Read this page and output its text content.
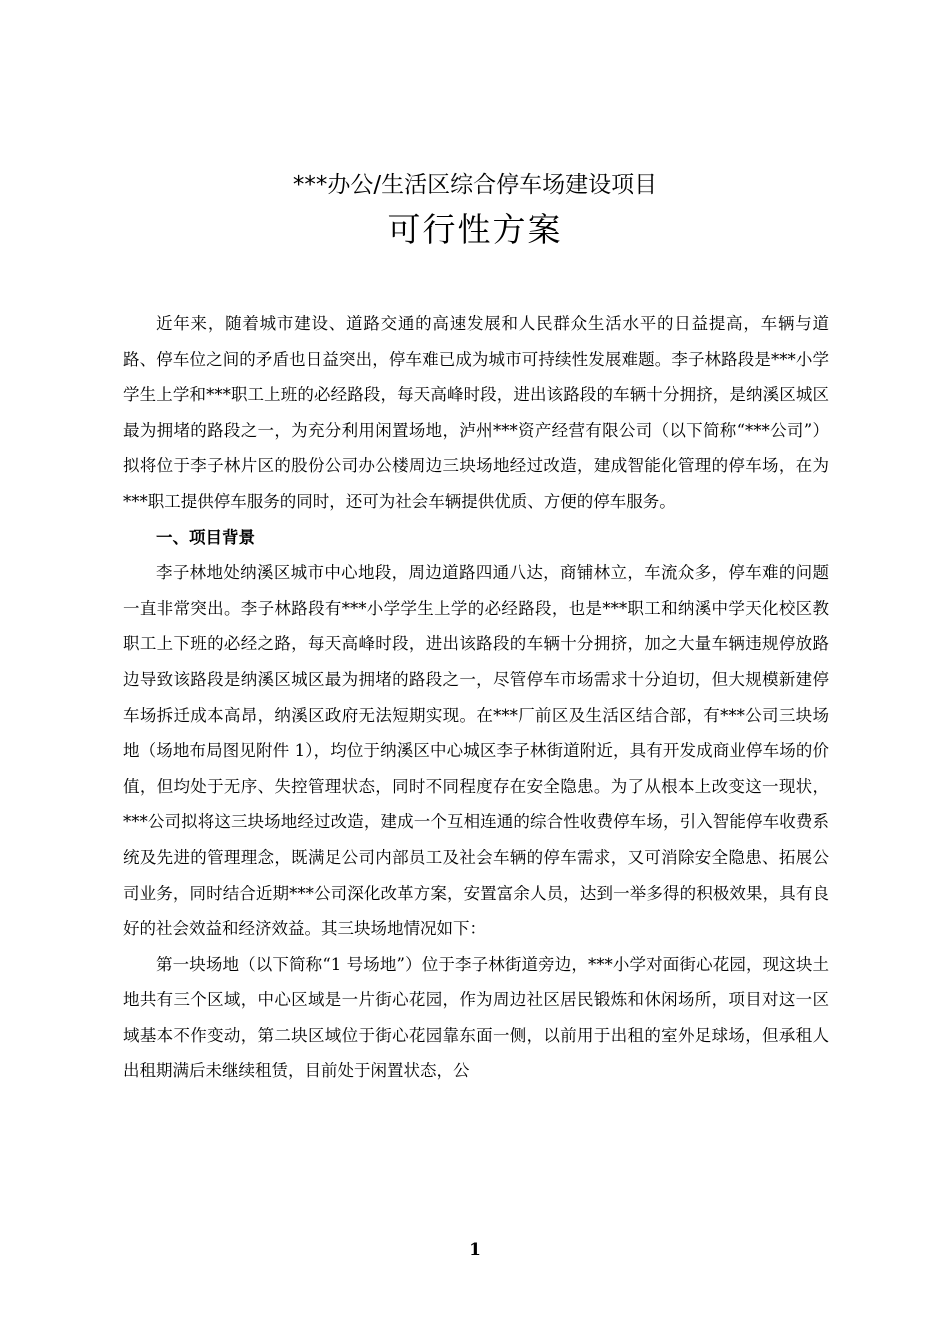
***办公/生活区综合停车场建设项目
可行性方案

近年来，随着城市建设、道路交通的高速发展和人民群众生活水平的日益提高，车辆与道路、停车位之间的矛盾也日益突出，停车难已成为城市可持续性发展难题。李子林路段是***小学学生上学和***职工上班的必经路段，每天高峰时段，进出该路段的车辆十分拥挤，是纳溪区城区最为拥堵的路段之一，为充分利用闲置场地，泸州***资产经营有限公司（以下简称“***公司”）拟将位于李子林片区的股份公司办公楼周边三块场地经过改造，建成智能化管理的停车场，在为***职工提供停车服务的同时，还可为社会车辆提供优质、方便的停车服务。

一、项目背景

李子林地处纳溪区城市中心地段，周边道路四通八达，商铺林立，车流众多，停车难的问题一直非常突出。李子林路段有***小学学生上学的必经路段，也是***职工和纳溪中学天化校区教职工上下班的必经之路，每天高峰时段，进出该路段的车辆十分拥挤，加之大量车辆违规停放路边导致该路段是纳溪区城区最为拥堵的路段之一，尽管停车市场需求十分迫切，但大规模新建停车场拆迁成本高昂，纳溪区政府无法短期实现。在***厂前区及生活区结合部，有***公司三块场地（场地布局图见附件 1），均位于纳溪区中心城区李子林街道附近，具有开发成商业停车场的价值，但均处于无序、失控管理状态，同时不同程度存在安全隐患。为了从根本上改变这一现状，***公司拟将这三块场地经过改造，建成一个互相连通的综合性收费停车场，引入智能停车收费系统及先进的管理理念，既满足公司内部员工及社会车辆的停车需求，又可消除安全隐患、拓展公司业务，同时结合近期***公司深化改革方案，安置富余人员，达到一举多得的积极效果，具有良好的社会效益和经济效益。其三块场地情况如下：

第一块场地（以下简称“1 号场地”）位于李子林街道旁边，***小学对面街心花园，现这块土地共有三个区域，中心区域是一片街心花园，作为周边社区居民锻炼和休闲场所，项目对这一区域基本不作变动，第二块区域位于街心花园靠东面一侧，以前用于出租的室外足球场，但承租人出租期满后未继续租赁，目前处于闲置状态，公

1
